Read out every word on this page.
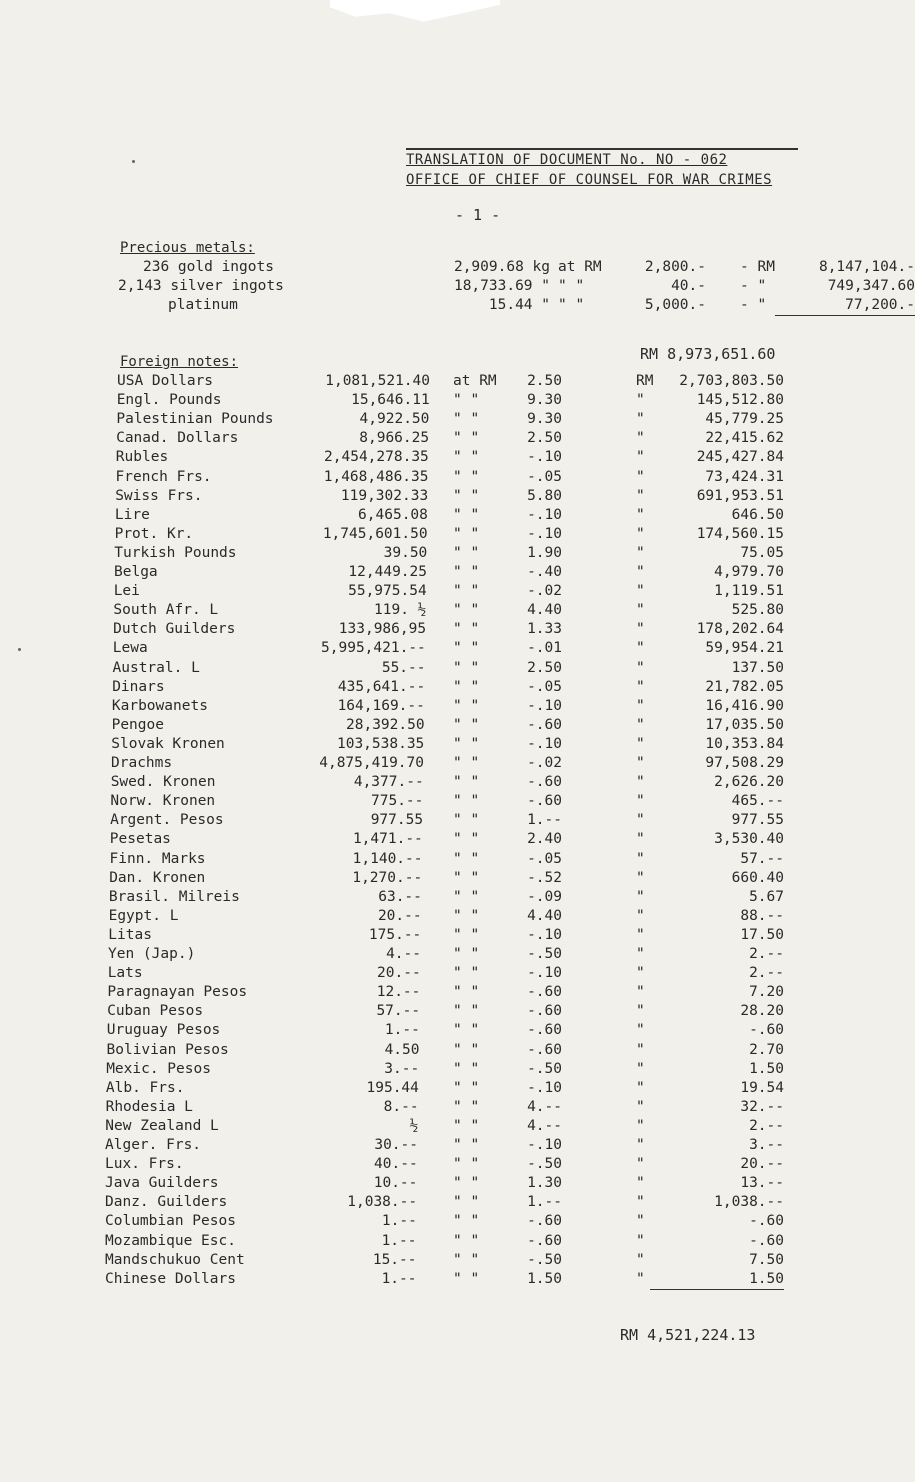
TRANSLATION OF DOCUMENT No. NO - 062
OFFICE OF CHIEF OF COUNSEL FOR WAR CRIMES
- 1 -
Precious metals:
236 gold ingots	2,909.68 kg at RM	2,800.- - RM	8,147,104.-
2,143 silver ingots	18,733.69 " " "	40.- - "	749,347.60
platinum	15.44 " " "	5,000.- - "	77,200.-
RM 8,973,651.60
Foreign notes:
USA Dollars	1,081,521.40 at RM	2.50	RM	2,703,803.50
Engl. Pounds	15,646.11 " "	9.30	"	145,512.80
Palestinian Pounds	4,922.50 " "	9.30	"	45,779.25
Canad. Dollars	8,966.25 " "	2.50	"	22,415.62
Rubles	2,454,278.35 " "	-.10	"	245,427.84
French Frs.	1,468,486.35 " "	-.05	"	73,424.31
Swiss Frs.	119,302.33 " "	5.80	"	691,953.51
Lire	6,465.08 " "	-.10	"	646.50
Prot. Kr.	1,745,601.50 " "	-.10	"	174,560.15
Turkish Pounds	39.50 " "	1.90	"	75.05
Belga	12,449.25 " "	-.40	"	4,979.70
Lei	55,975.54 " "	-.02	"	1,119.51
South Afr. L	119. ½ " "	4.40	"	525.80
Dutch Guilders	133,986,95 " "	1.33	"	178,202.64
Lewa	5,995,421.-- " "	-.01	"	59,954.21
Austral. L	55.-- " "	2.50	"	137.50
Dinars	435,641.-- " "	-.05	"	21,782.05
Karbowanets	164,169.-- " "	-.10	"	16,416.90
Pengoe	28,392.50 " "	-.60	"	17,035.50
Slovak Kronen	103,538.35 " "	-.10	"	10,353.84
Drachms	4,875,419.70 " "	-.02	"	97,508.29
Swed. Kronen	4,377.-- " "	-.60	"	2,626.20
Norw. Kronen	775.-- " "	-.60	"	465.--
Argent. Pesos	977.55 " "	1.--	"	977.55
Pesetas	1,471.-- " "	2.40	"	3,530.40
Finn. Marks	1,140.-- " "	-.05	"	57.--
Dan. Kronen	1,270.-- " "	-.52	"	660.40
Brasil. Milreis	63.-- " "	-.09	"	5.67
Egypt. L	20.-- " "	4.40	"	88.--
Litas	175.-- " "	-.10	"	17.50
Yen (Jap.)	4.-- " "	-.50	"	2.--
Lats	20.-- " "	-.10	"	2.--
Paragnayan Pesos	12.-- " "	-.60	"	7.20
Cuban Pesos	57.-- " "	-.60	"	28.20
Uruguay Pesos	1.-- " "	-.60	"	-.60
Bolivian Pesos	4.50 " "	-.60	"	2.70
Mexic. Pesos	3.-- " "	-.50	"	1.50
Alb. Frs.	195.44 " "	-.10	"	19.54
Rhodesia L	8.-- " "	4.--	"	32.--
New Zealand L	½ " "	4.--	"	2.--
Alger. Frs.	30.-- " "	-.10	"	3.--
Lux. Frs.	40.-- " "	-.50	"	20.--
Java Guilders	10.-- " "	1.30	"	13.--
Danz. Guilders	1,038.-- " "	1.--	"	1,038.--
Columbian Pesos	1.-- " "	-.60	"	-.60
Mozambique Esc.	1.--	" "	-.60	"	-.60
Mandschukuo Cent	15.--	" "	-.50	"	7.50
Chinese Dollars	1.--	" "	1.50	"	1.50
RM 4,521,224.13
